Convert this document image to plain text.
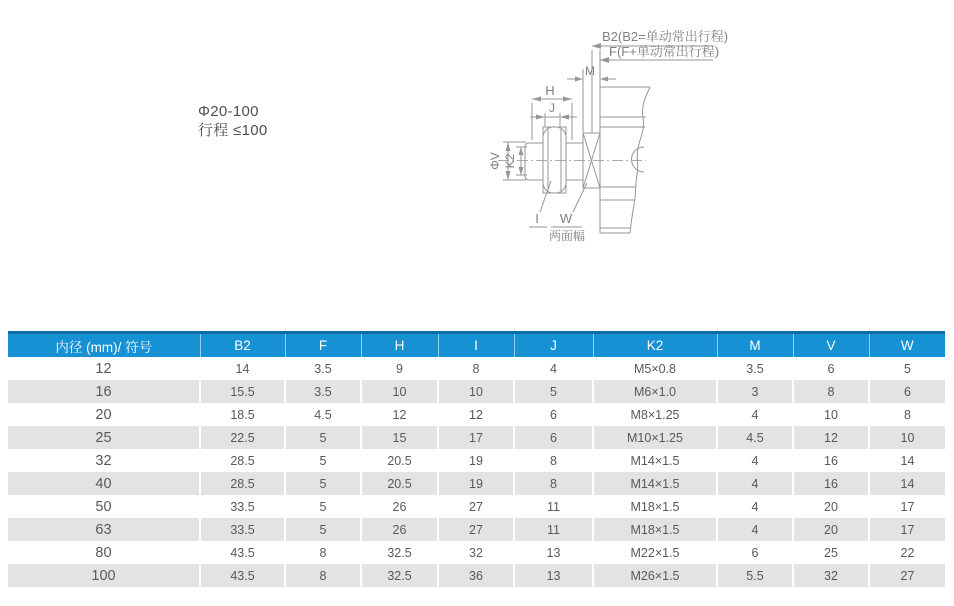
Φ20-100
行程 ≤100
B2(B2=单动常出行程)
F(F+单动常出行程)
M
H
J
ΦV K2
I W
两面幅
内径 (mm)/ 符号	B2	F	H	I	J	K2	M	V	W
12	14	3.5	9	8	4	M5×0.8	3.5	6	5
16	15.5	3.5	10	10	5	M6×1.0	3	8	6
20	18.5	4.5	12	12	6	M8×1.25	4	10	8
25	22.5	5	15	17	6	M10×1.25	4.5	12	10
32	28.5	5	20.5	19	8	M14×1.5	4	16	14
40	28.5	5	20.5	19	8	M14×1.5	4	16	14
50	33.5	5	26	27	11	M18×1.5	4	20	17
63	33.5	5	26	27	11	M18×1.5	4	20	17
80	43.5	8	32.5	32	13	M22×1.5	6	25	22
100	43.5	8	32.5	36	13	M26×1.5	5.5	32	27
